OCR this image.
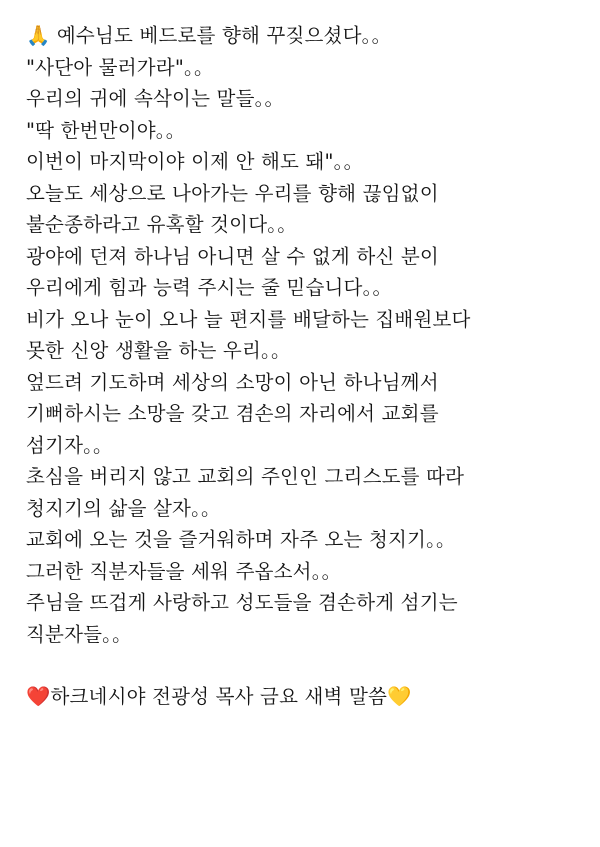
🙏 예수님도 베드로를 향해 꾸짖으셨다。。
"사단아 물러가라"。。
우리의 귀에 속삭이는 말들。。
"딱 한번만이야。。
이번이 마지막이야 이제 안 해도 돼"。。
오늘도 세상으로 나아가는 우리를 향해 끊임없이
불순종하라고 유혹할 것이다。。
광야에 던져 하나님 아니면 살 수 없게 하신 분이
우리에게 힘과 능력 주시는 줄 믿습니다。。
비가 오나 눈이 오나 늘 편지를 배달하는 집배원보다
못한 신앙 생활을 하는 우리。。
엎드려 기도하며 세상의 소망이 아닌 하나님께서
기뻐하시는 소망을 갖고 겸손의 자리에서 교회를
섬기자。。
초심을 버리지 않고 교회의 주인인 그리스도를 따라
청지기의 삶을 살자。。
교회에 오는 것을 즐거워하며 자주 오는 청지기。。
그러한 직분자들을 세워 주옵소서。。
주님을 뜨겁게 사랑하고 성도들을 겸손하게 섬기는
직분자들。。
❤️하크네시야 전광성 목사 금요 새벽 말씀💛
